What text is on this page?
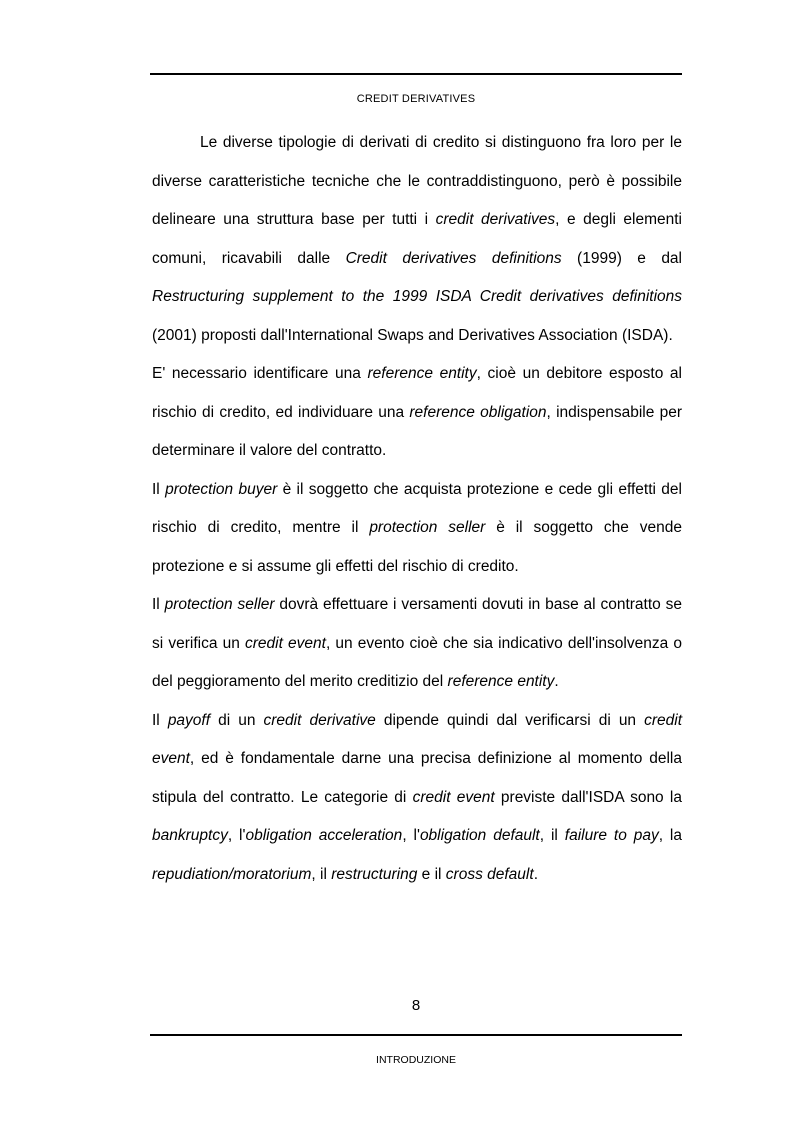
CREDIT DERIVATIVES

Le diverse tipologie di derivati di credito si distinguono fra loro per le diverse caratteristiche tecniche che le contraddistinguono, però è possibile delineare una struttura base per tutti i credit derivatives, e degli elementi comuni, ricavabili dalle Credit derivatives definitions (1999) e dal Restructuring supplement to the 1999 ISDA Credit derivatives definitions (2001) proposti dall'International Swaps and Derivatives Association (ISDA).

E' necessario identificare una reference entity, cioè un debitore esposto al rischio di credito, ed individuare una reference obligation, indispensabile per determinare il valore del contratto.

Il protection buyer è il soggetto che acquista protezione e cede gli effetti del rischio di credito, mentre il protection seller è il soggetto che vende protezione e si assume gli effetti del rischio di credito.

Il protection seller dovrà effettuare i versamenti dovuti in base al contratto se si verifica un credit event, un evento cioè che sia indicativo dell'insolvenza o del peggioramento del merito creditizio del reference entity.

Il payoff di un credit derivative dipende quindi dal verificarsi di un credit event, ed è fondamentale darne una precisa definizione al momento della stipula del contratto. Le categorie di credit event previste dall'ISDA sono la bankruptcy, l'obligation acceleration, l'obligation default, il failure to pay, la repudiation/moratorium, il restructuring e il cross default.

8
INTRODUZIONE
